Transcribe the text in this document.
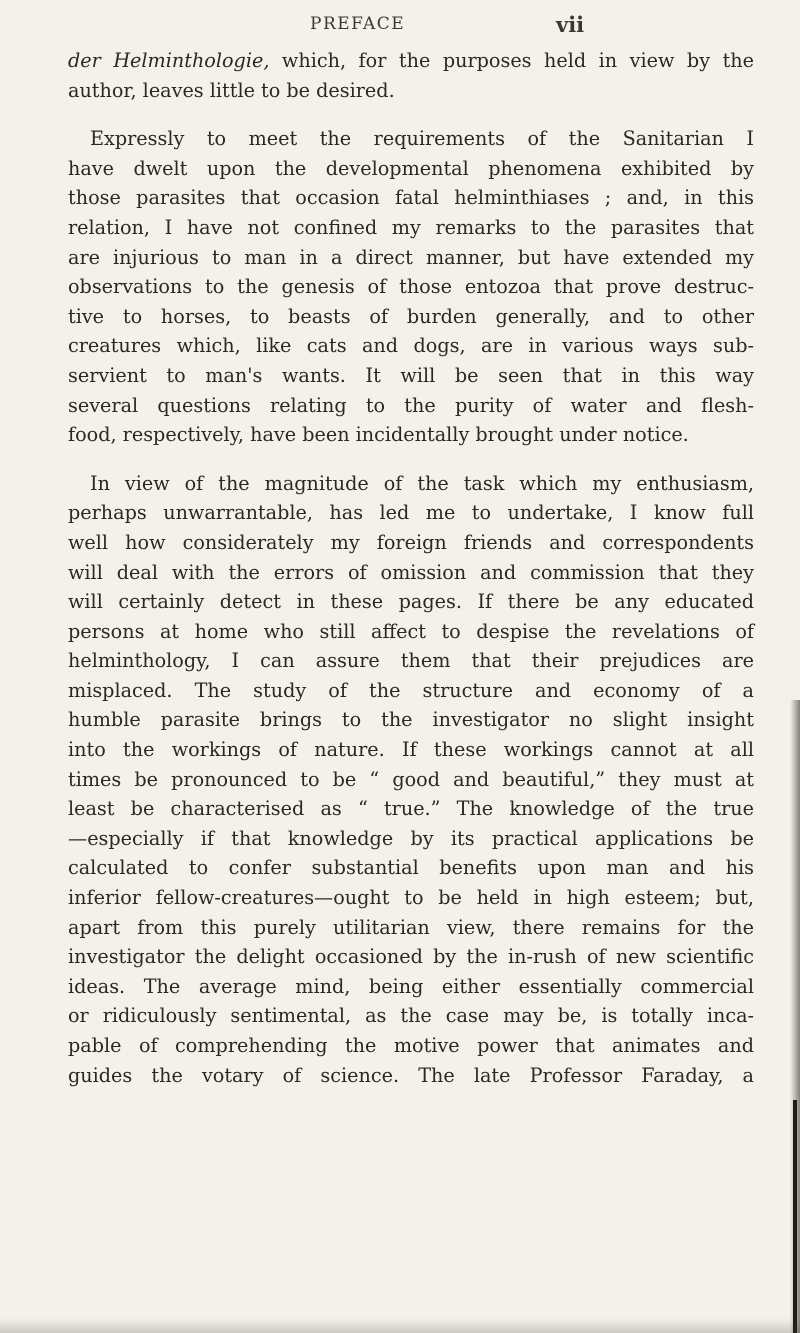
PREFACE	vii
der Helminthologie, which, for the purposes held in view by the
author, leaves little to be desired.
Expressly to meet the requirements of the Sanitarian I
have dwelt upon the developmental phenomena exhibited by
those parasites that occasion fatal helminthiases ; and, in this
relation, I have not confined my remarks to the parasites that
are injurious to man in a direct manner, but have extended my
observations to the genesis of those entozoa that prove destruc-
tive to horses, to beasts of burden generally, and to other
creatures which, like cats and dogs, are in various ways sub-
servient to man's wants. It will be seen that in this way
several questions relating to the purity of water and flesh-
food, respectively, have been incidentally brought under notice.
In view of the magnitude of the task which my enthusiasm,
perhaps unwarrantable, has led me to undertake, I know full
well how considerately my foreign friends and correspondents
will deal with the errors of omission and commission that they
will certainly detect in these pages. If there be any educated
persons at home who still affect to despise the revelations of
helminthology, I can assure them that their prejudices are
misplaced. The study of the structure and economy of a
humble parasite brings to the investigator no slight insight
into the workings of nature. If these workings cannot at all
times be pronounced to be “ good and beautiful,” they must at
least be characterised as “ true.” The knowledge of the true
—especially if that knowledge by its practical applications be
calculated to confer substantial benefits upon man and his
inferior fellow-creatures—ought to be held in high esteem; but,
apart from this purely utilitarian view, there remains for the
investigator the delight occasioned by the in-rush of new scientific
ideas. The average mind, being either essentially commercial
or ridiculously sentimental, as the case may be, is totally inca-
pable of comprehending the motive power that animates and
guides the votary of science. The late Professor Faraday, a
